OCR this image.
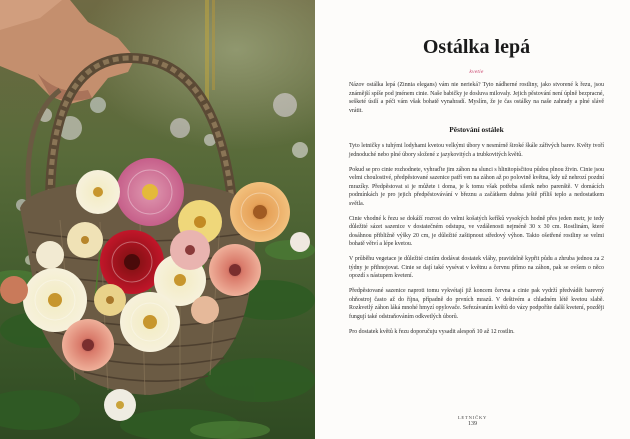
Ostálka lepá
kvetie

Názov ostálka lepá (Zinnia elegans) vám nie nerieká? Tyto nádherné rostliny, jako stvorené k řezu, jsou známější spíše pod jménem cinie. Naše babičky je dosluva milovaly. Jejich pěstování není úplně bezpracné, sešketé úsilí a péči vám však bohatě vynahradí. Myslím, že je čas ostálky na naše zahrady a plné slávě vrátit.

Pěstování ostálek

Tyto letničky s tuhými lodyhami kvetou velkými úbory v nesmírně široké škále zářivých barev. Květy tvoří jednoduché nebo plné úbory složené z jazykovitých a trubkovitých květů.

Pokud se pro cinie rozhodnete, vyhraďte jim záhon na slunci s hlinitopísčitou půdou plnou živin. Cinie jsou velmi choulostivé, předpěstované sazenice patří ven na záhon až po polovině května, kdy už nehrozí pozdní mrazíky. Předpěstovat si je můžete i doma, je k tomu však potřeba silenk nebo parenště. V domácích podmínkách je pro jejich předpěstovávání v březnu a začátkem dubna ještě příliš teplo a nedostatkem světla.

Cinie vhodné k řezu se dokáží rozrost do velmi košatých keříků vysokých hodně přes jeden metr, je tedy důležité sázet sazenice v dostatečném odstupu, ve vzdálenosti nejméně 30 x 30 cm. Rostlinám, které dosáhnou přibližně výšky 20 cm, je důležité zaštipnout středový výhon. Takto ošetřené rostliny se velmi bohatě větví a lépe kvetou.

V průběhu vegetace je důležité ciniím dodávat dostatek vláhy, pravidelně kypřit půdu a zhruba jednou za 2 týdny je přihnojovat. Cinie se dají také vysévat v květnu a červnu přímo na záhon, pak se ovšem o něco opozdí s nástupem kvetení.

Předpěstované sazenice naproti tomu vykvétají již koncem června a cinie pak vydrží předvádět barevný ohňostroj často až do října, případně do prvních mrazů. V deštivém a chladném létě kvetou slabě. Rozkvetlý záhon láká mnohé hmyzí opylovače. Seřezávaním květů do vázy podpoříte další kvetení, později fungují také odstraňováním odkvetlých úborů.

Pro dostatek květů k řezu doporučuju vysadit alespoň 10 až 12 rostlin.

LETNIČKY
139
